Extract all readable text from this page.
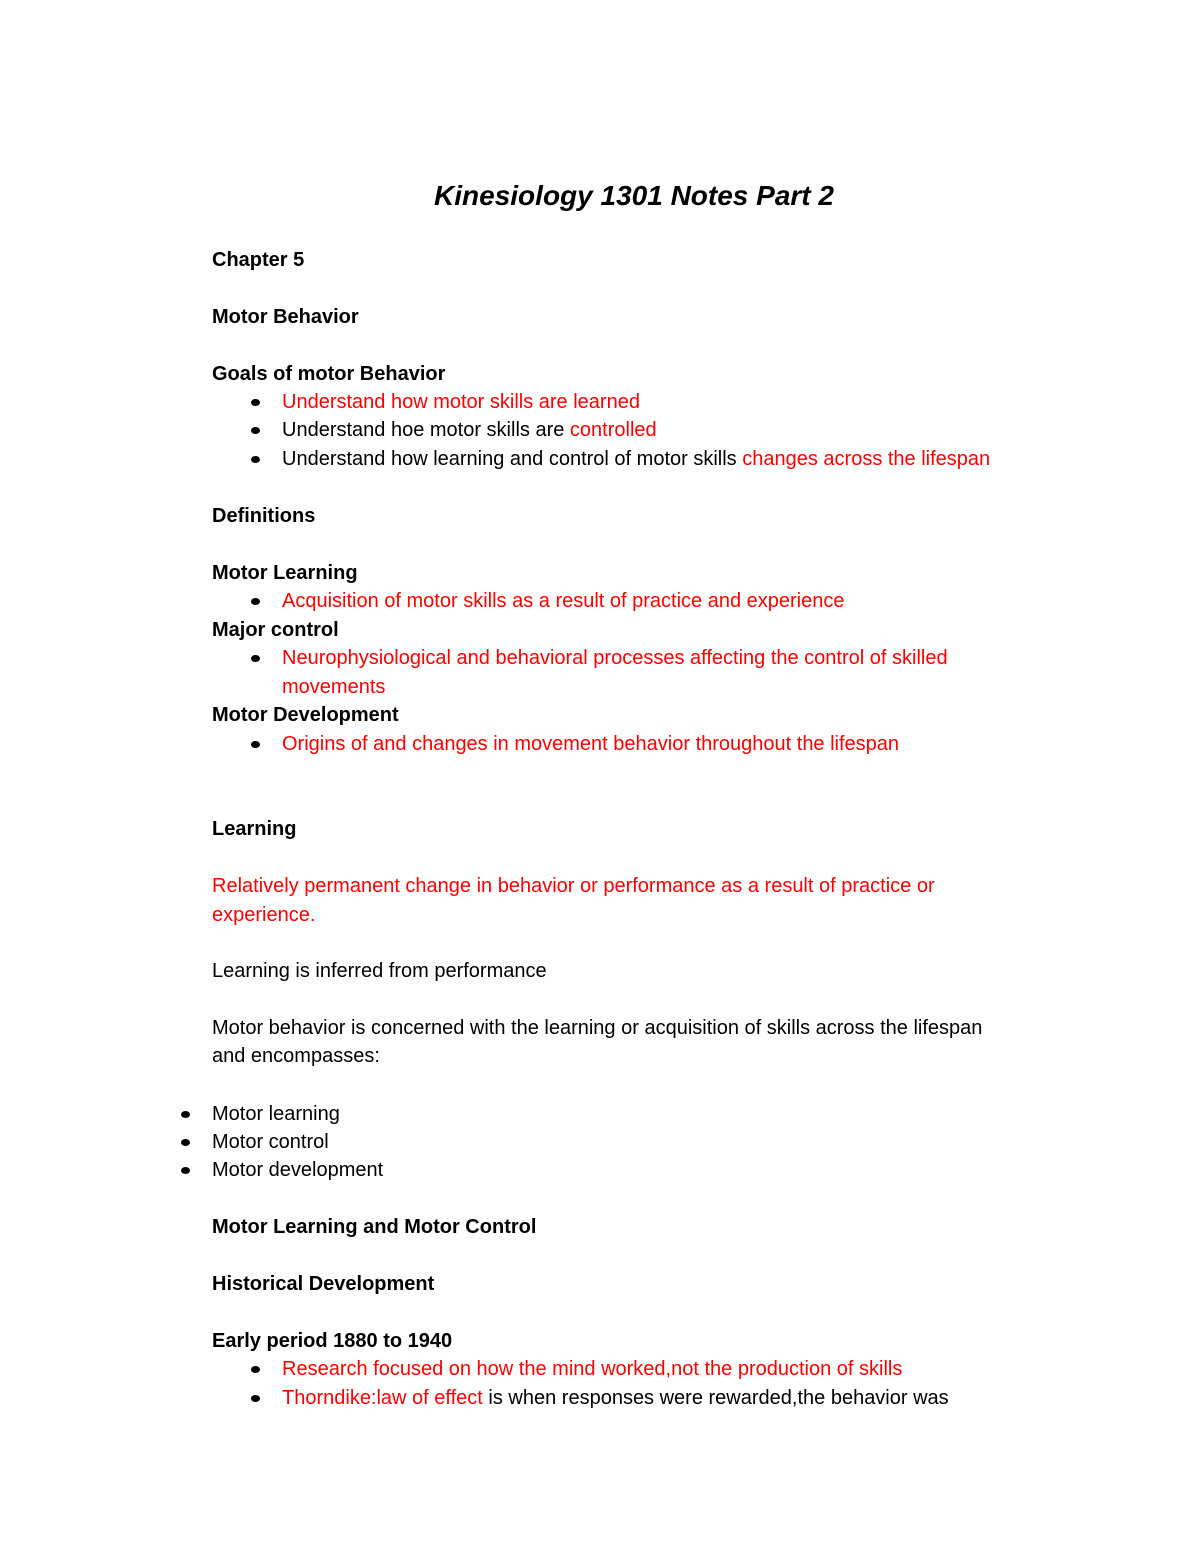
Kinesiology 1301 Notes Part 2
Chapter 5
Motor Behavior
Goals of motor Behavior
Understand how motor skills are learned
Understand hoe motor skills are controlled
Understand how learning and control of motor skills changes across the lifespan
Definitions
Motor Learning
Acquisition of motor skills as a result of practice and experience
Major control
Neurophysiological and behavioral processes affecting the control of skilled
movements
Motor Development
Origins of and changes in movement behavior throughout the lifespan
Learning
Relatively permanent change in behavior or performance as a result of practice or
experience.
Learning is inferred from performance
Motor behavior is concerned with the learning or acquisition of skills across the lifespan
and encompasses:
Motor learning
Motor control
Motor development
Motor Learning and Motor Control
Historical Development
Early period 1880 to 1940
Research focused on how the mind worked,not the production of skills
Thorndike:law of effect is when responses were rewarded,the behavior was
